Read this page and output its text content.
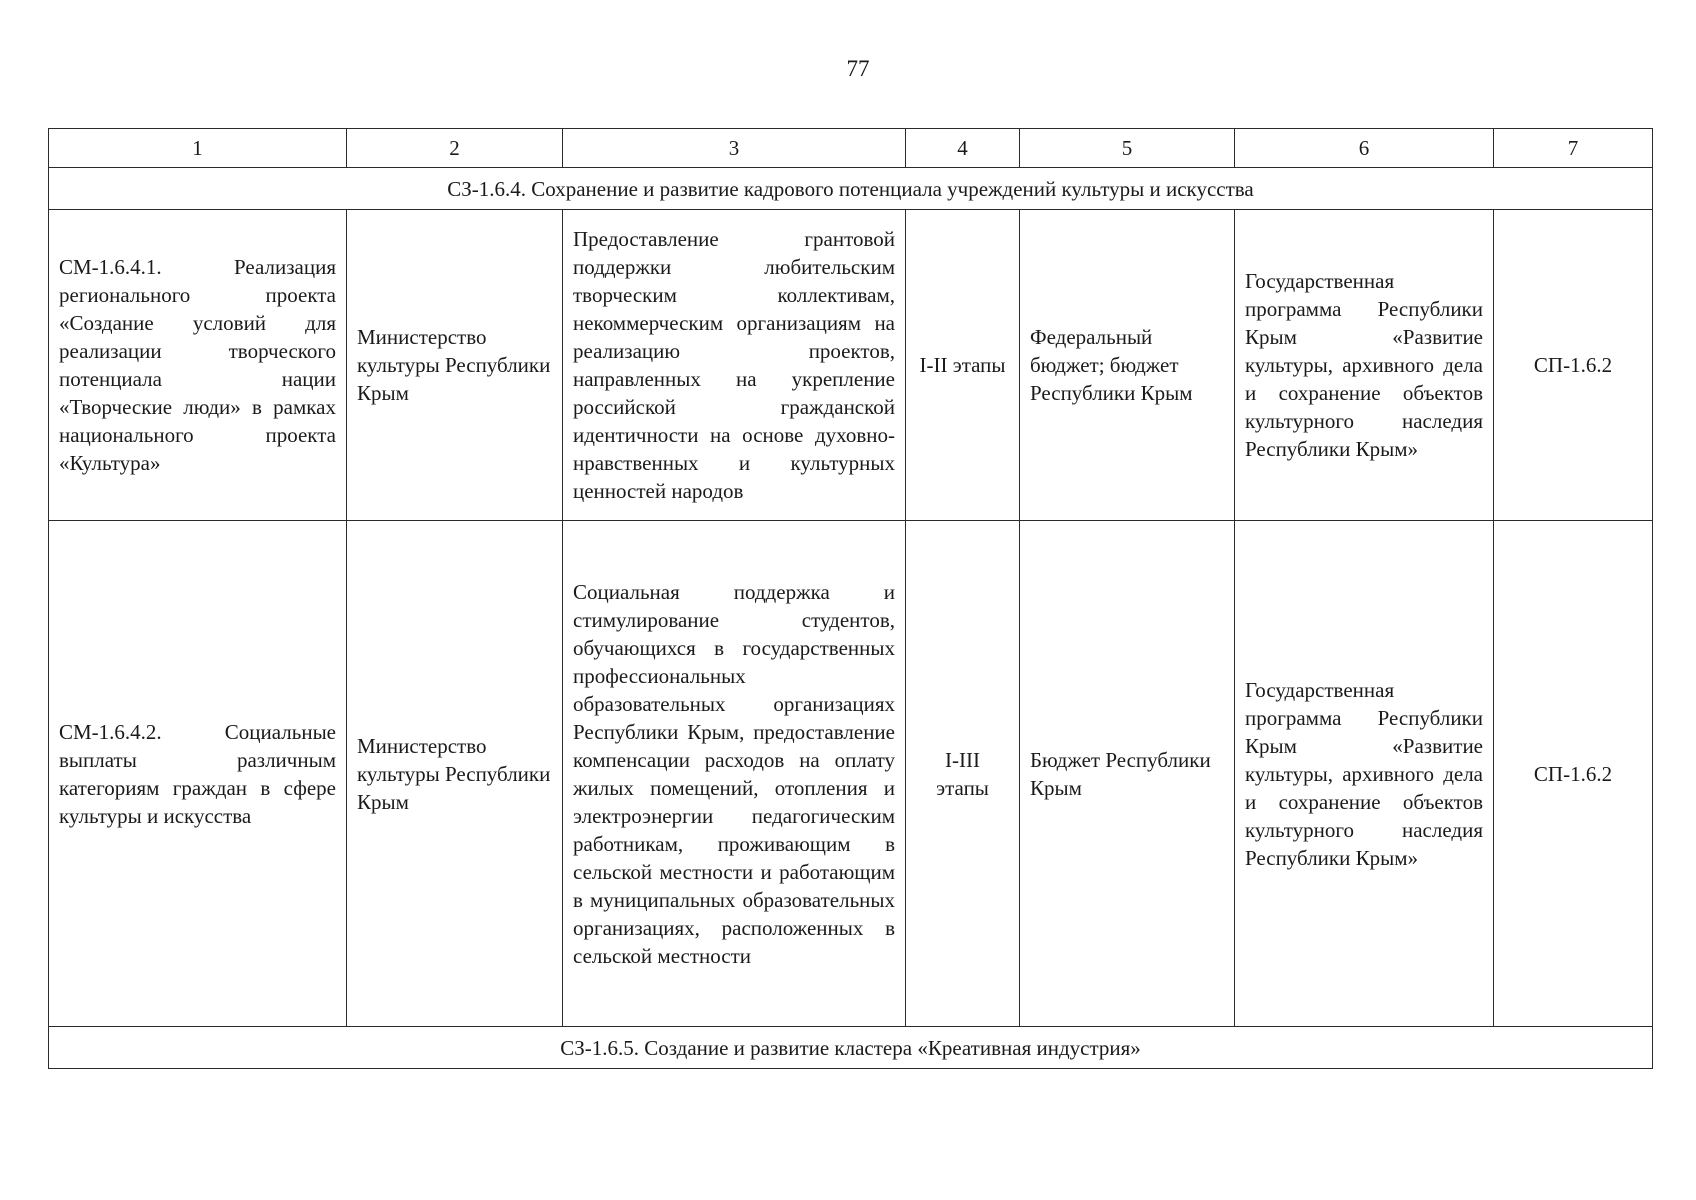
77
1	2	3	4	5	6	7
СЗ-1.6.4. Сохранение и развитие кадрового потенциала учреждений культуры и искусства						
СМ-1.6.4.1. Реализация регионального проекта «Создание условий для реализации творческого потенциала нации «Творческие люди» в рамках национального проекта «Культура»	Министерство культуры Республики Крым	Предоставление грантовой поддержки любительским творческим коллективам, некоммерческим организациям на реализацию проектов, направленных на укрепление российской гражданской идентичности на основе духовно-нравственных и культурных ценностей народов	I-II этапы	Федеральный бюджет; бюджет Республики Крым	Государственная программа Республики Крым «Развитие культуры, архивного дела и сохранение объектов культурного наследия Республики Крым»	СП-1.6.2
СМ-1.6.4.2. Социальные выплаты различным категориям граждан в сфере культуры и искусства	Министерство культуры Республики Крым	Социальная поддержка и стимулирование студентов, обучающихся в государственных профессиональных образовательных организациях Республики Крым, предоставление компенсации расходов на оплату жилых помещений, отопления и электроэнергии педагогическим работникам, проживающим в сельской местности и работающим в муниципальных образовательных организациях, расположенных в сельской местности	I-III этапы	Бюджет Республики Крым	Государственная программа Республики Крым «Развитие культуры, архивного дела и сохранение объектов культурного наследия Республики Крым»	СП-1.6.2
СЗ-1.6.5. Создание и развитие кластера «Креативная индустрия»						
